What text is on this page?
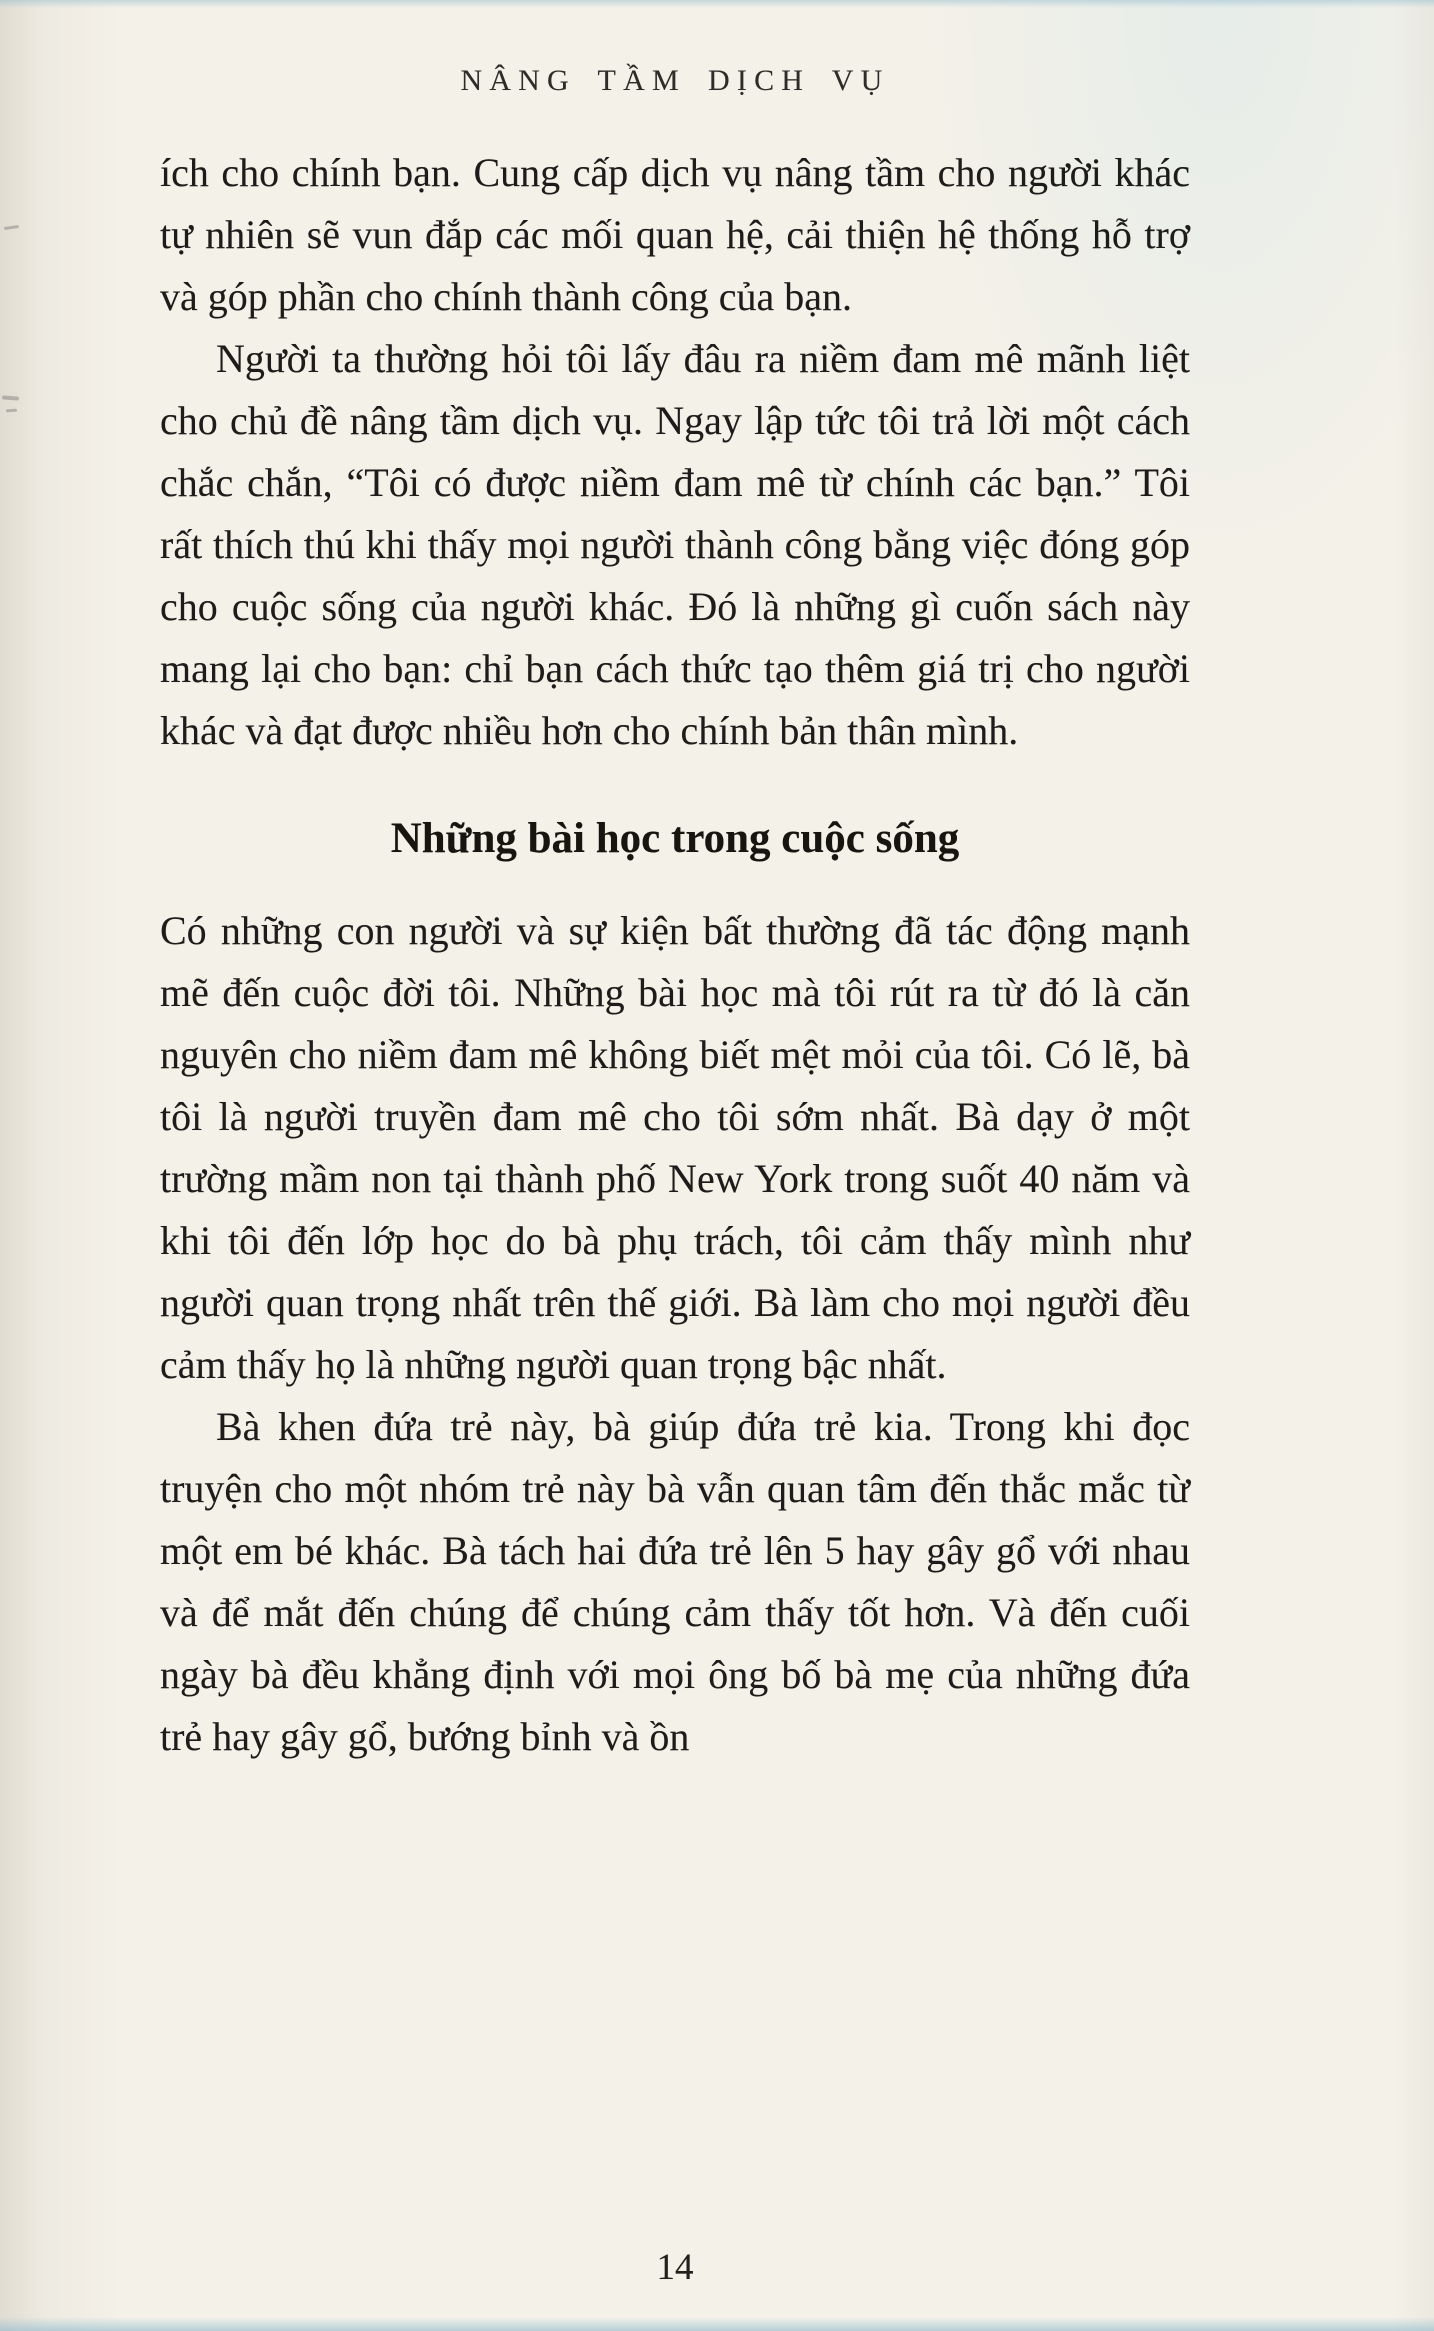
NÂNG TẦM DỊCH VỤ

ích cho chính bạn. Cung cấp dịch vụ nâng tầm cho người khác tự nhiên sẽ vun đắp các mối quan hệ, cải thiện hệ thống hỗ trợ và góp phần cho chính thành công của bạn.

Người ta thường hỏi tôi lấy đâu ra niềm đam mê mãnh liệt cho chủ đề nâng tầm dịch vụ. Ngay lập tức tôi trả lời một cách chắc chắn, “Tôi có được niềm đam mê từ chính các bạn.” Tôi rất thích thú khi thấy mọi người thành công bằng việc đóng góp cho cuộc sống của người khác. Đó là những gì cuốn sách này mang lại cho bạn: chỉ bạn cách thức tạo thêm giá trị cho người khác và đạt được nhiều hơn cho chính bản thân mình.

Những bài học trong cuộc sống

Có những con người và sự kiện bất thường đã tác động mạnh mẽ đến cuộc đời tôi. Những bài học mà tôi rút ra từ đó là căn nguyên cho niềm đam mê không biết mệt mỏi của tôi. Có lẽ, bà tôi là người truyền đam mê cho tôi sớm nhất. Bà dạy ở một trường mầm non tại thành phố New York trong suốt 40 năm và khi tôi đến lớp học do bà phụ trách, tôi cảm thấy mình như người quan trọng nhất trên thế giới. Bà làm cho mọi người đều cảm thấy họ là những người quan trọng bậc nhất.

Bà khen đứa trẻ này, bà giúp đứa trẻ kia. Trong khi đọc truyện cho một nhóm trẻ này bà vẫn quan tâm đến thắc mắc từ một em bé khác. Bà tách hai đứa trẻ lên 5 hay gây gổ với nhau và để mắt đến chúng để chúng cảm thấy tốt hơn. Và đến cuối ngày bà đều khẳng định với mọi ông bố bà mẹ của những đứa trẻ hay gây gổ, bướng bỉnh và ồn

14
